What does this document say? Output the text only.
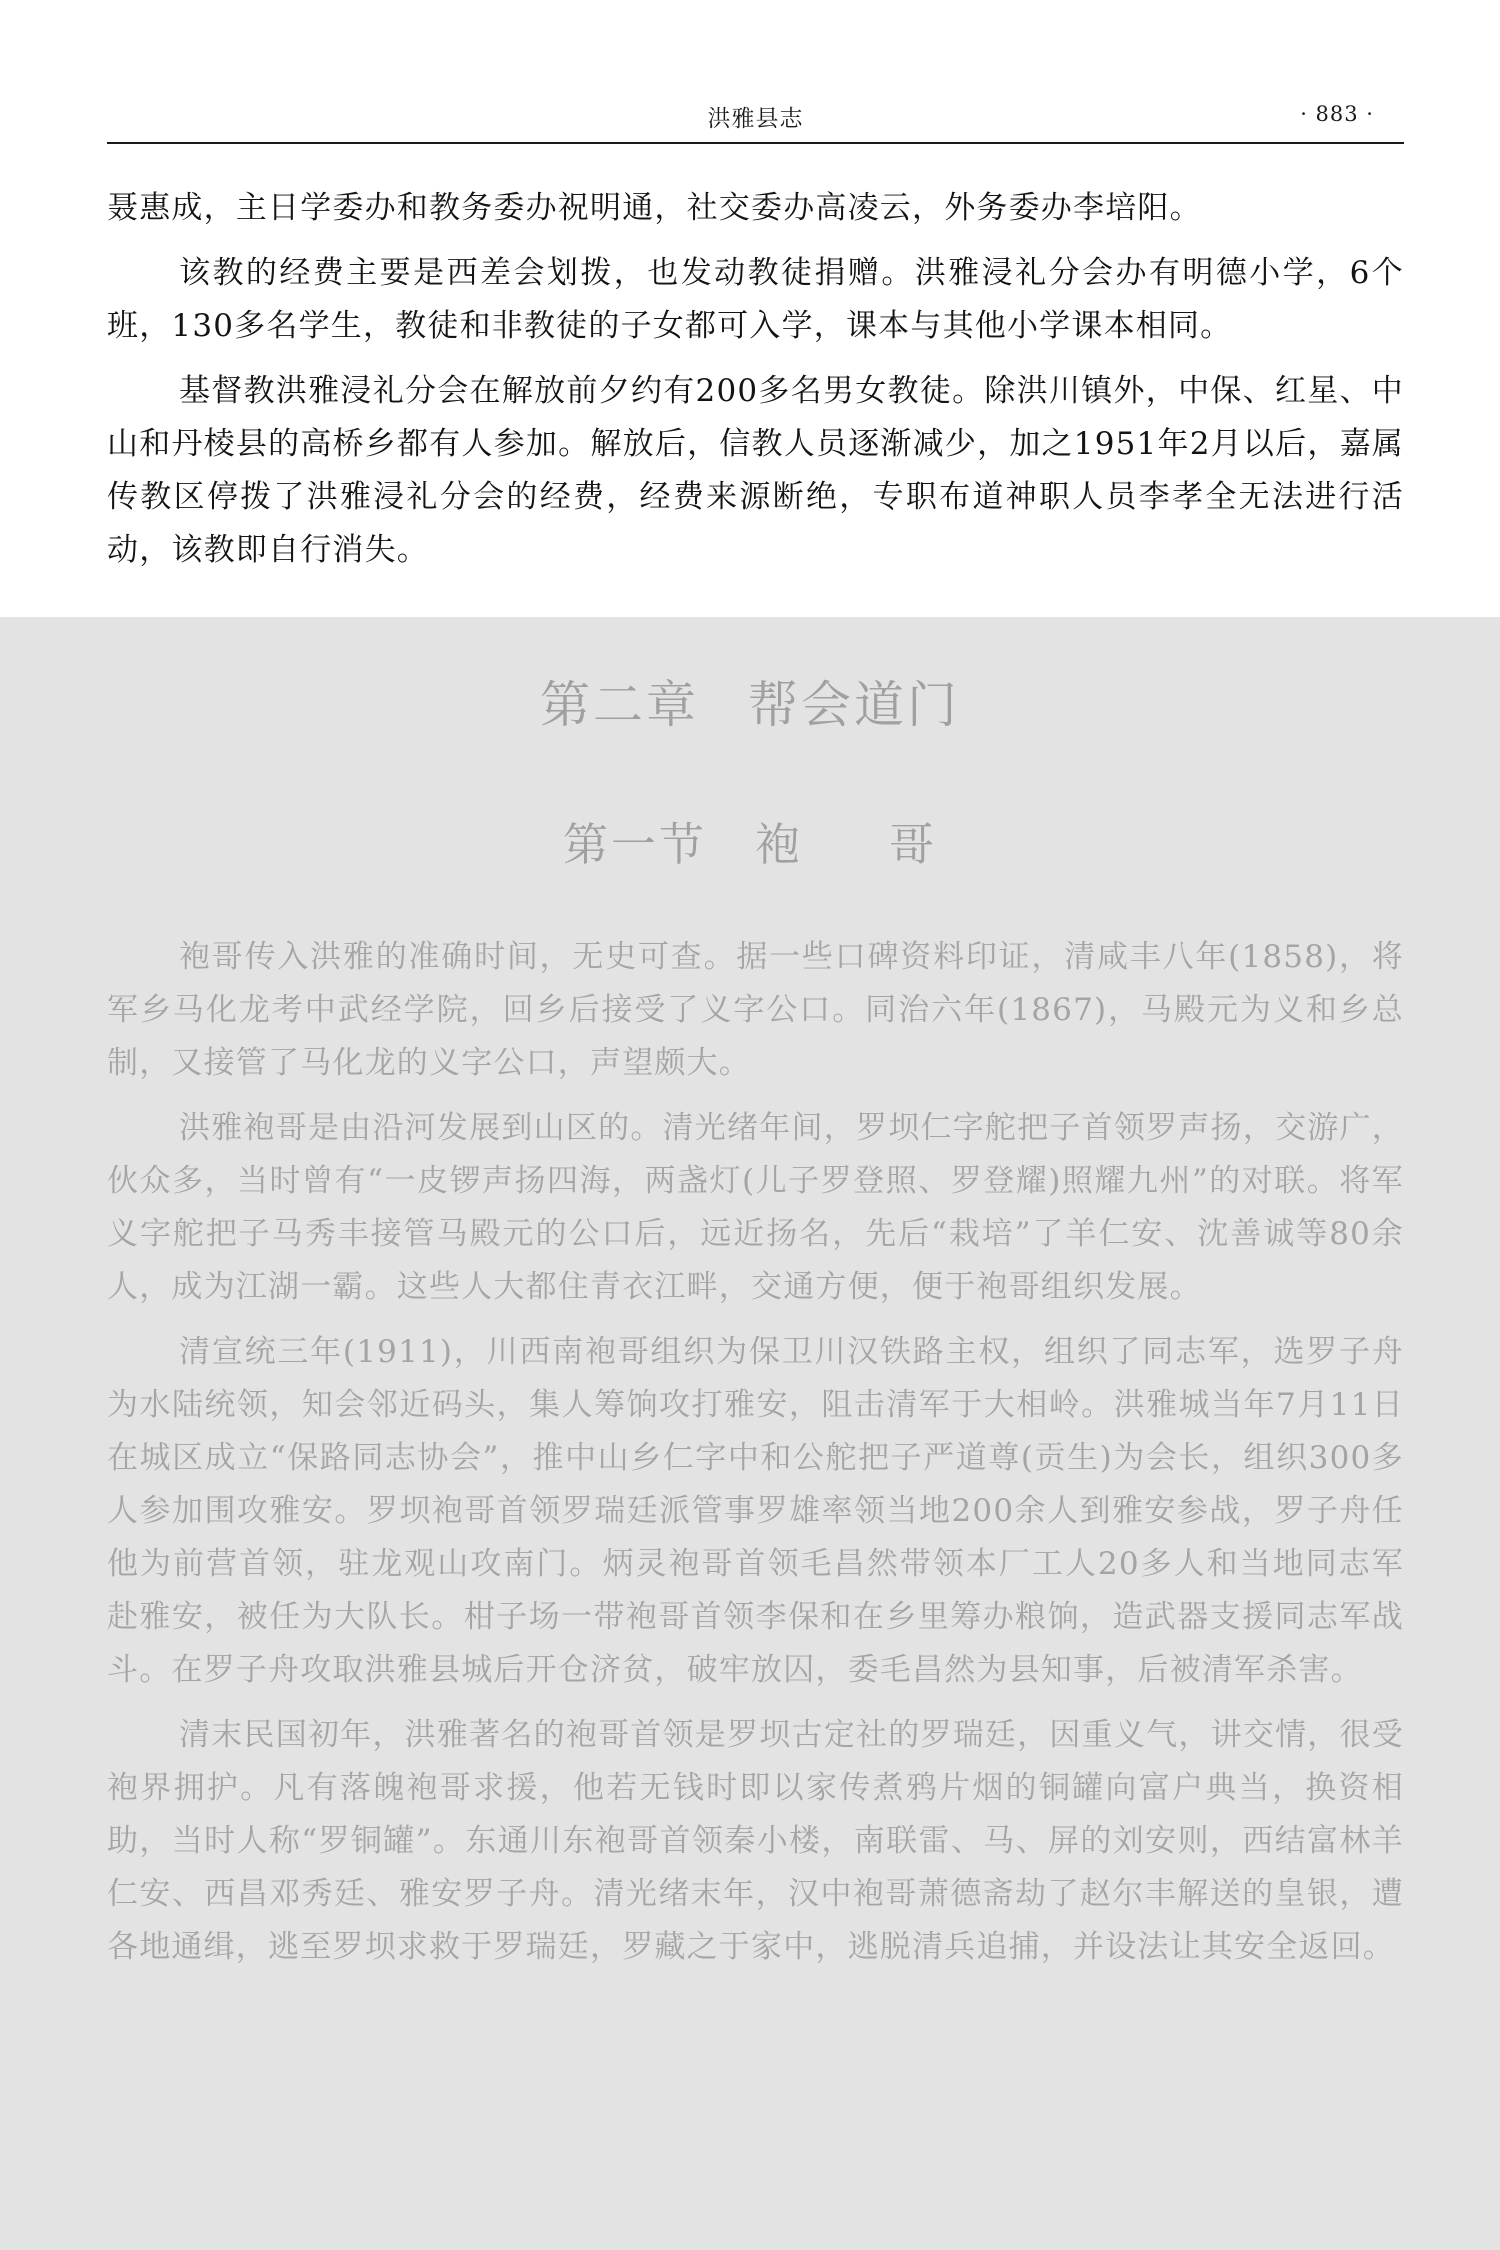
洪雅县志	· 883 ·

聂惠成，主日学委办和教务委办祝明通，社交委办高凌云，外务委办李培阳。

该教的经费主要是西差会划拨，也发动教徒捐赠。洪雅浸礼分会办有明德小学，6个班，130多名学生，教徒和非教徒的子女都可入学，课本与其他小学课本相同。

基督教洪雅浸礼分会在解放前夕约有200多名男女教徒。除洪川镇外，中保、红星、中山和丹棱县的高桥乡都有人参加。解放后，信教人员逐渐减少，加之1951年2月以后，嘉属传教区停拨了洪雅浸礼分会的经费，经费来源断绝，专职布道神职人员李孝全无法进行活动，该教即自行消失。

第二章 帮会道门
第一节 袍 哥

袍哥传入洪雅的准确时间，无史可查。据一些口碑资料印证，清咸丰八年(1858)，将军乡马化龙考中武经学院，回乡后接受了义字公口。同治六年(1867)，马殿元为义和乡总制，又接管了马化龙的义字公口，声望颇大。

洪雅袍哥是由沿河发展到山区的。清光绪年间，罗坝仁字舵把子首领罗声扬，交游广，伙众多，当时曾有“一皮锣声扬四海，两盏灯(儿子罗登照、罗登耀)照耀九州”的对联。将军义字舵把子马秀丰接管马殿元的公口后，远近扬名，先后“栽培”了羊仁安、沈善诚等80余人，成为江湖一霸。这些人大都住青衣江畔，交通方便，便于袍哥组织发展。

清宣统三年(1911)，川西南袍哥组织为保卫川汉铁路主权，组织了同志军，选罗子舟为水陆统领，知会邻近码头，集人筹饷攻打雅安，阻击清军于大相岭。洪雅城当年7月11日在城区成立“保路同志协会”，推中山乡仁字中和公舵把子严道尊(贡生)为会长，组织300多人参加围攻雅安。罗坝袍哥首领罗瑞廷派管事罗雄率领当地200余人到雅安参战，罗子舟任他为前营首领，驻龙观山攻南门。炳灵袍哥首领毛昌然带领本厂工人20多人和当地同志军赴雅安，被任为大队长。柑子场一带袍哥首领李保和在乡里筹办粮饷，造武器支援同志军战斗。在罗子舟攻取洪雅县城后开仓济贫，破牢放囚，委毛昌然为县知事，后被清军杀害。

清末民国初年，洪雅著名的袍哥首领是罗坝古定社的罗瑞廷，因重义气，讲交情，很受袍界拥护。凡有落魄袍哥求援，他若无钱时即以家传煮鸦片烟的铜罐向富户典当，换资相助，当时人称“罗铜罐”。东通川东袍哥首领秦小楼，南联雷、马、屏的刘安则，西结富林羊仁安、西昌邓秀廷、雅安罗子舟。清光绪末年，汉中袍哥萧德斋劫了赵尔丰解送的皇银，遭各地通缉，逃至罗坝求救于罗瑞廷，罗藏之于家中，逃脱清兵追捕，并设法让其安全返回。
